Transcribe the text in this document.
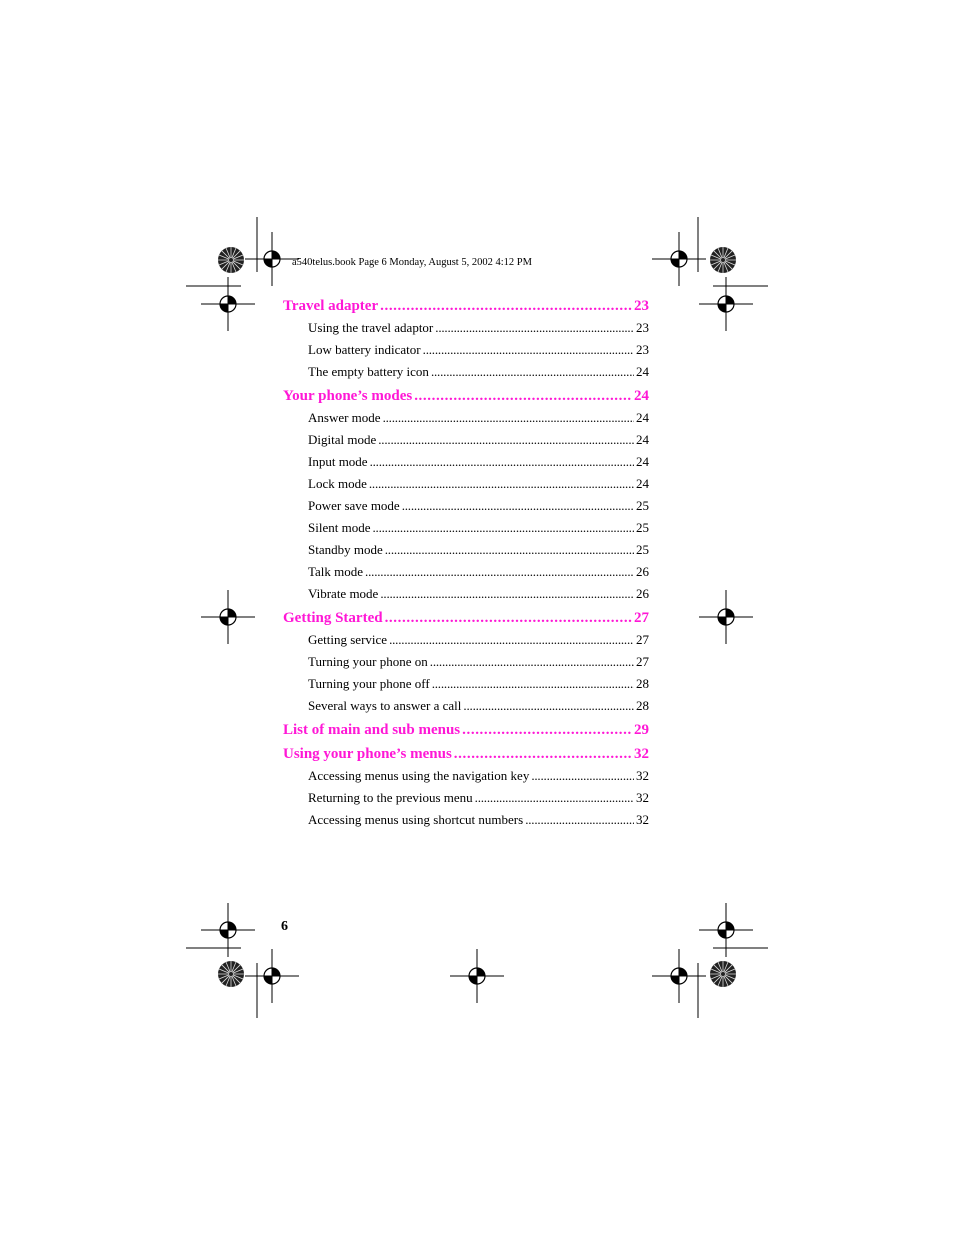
a540telus.book Page 6 Monday, August 5, 2002 4:12 PM
Travel adapter .....	23
Using the travel adaptor .....	23
Low battery indicator .....	23
The empty battery icon .....	24
Your phone’s modes .....	24
Answer mode .....	24
Digital mode .....	24
Input mode .....	24
Lock mode .....	24
Power save mode .....	25
Silent mode .....	25
Standby mode .....	25
Talk mode .....	26
Vibrate mode .....	26
Getting Started .....	27
Getting service .....	27
Turning your phone on .....	27
Turning your phone off .....	28
Several ways to answer a call .....	28
List of main and sub menus .....	29
Using your phone’s menus .....	32
Accessing menus using the navigation key .....	32
Returning to the previous menu .....	32
Accessing menus using shortcut numbers .....	32
6
